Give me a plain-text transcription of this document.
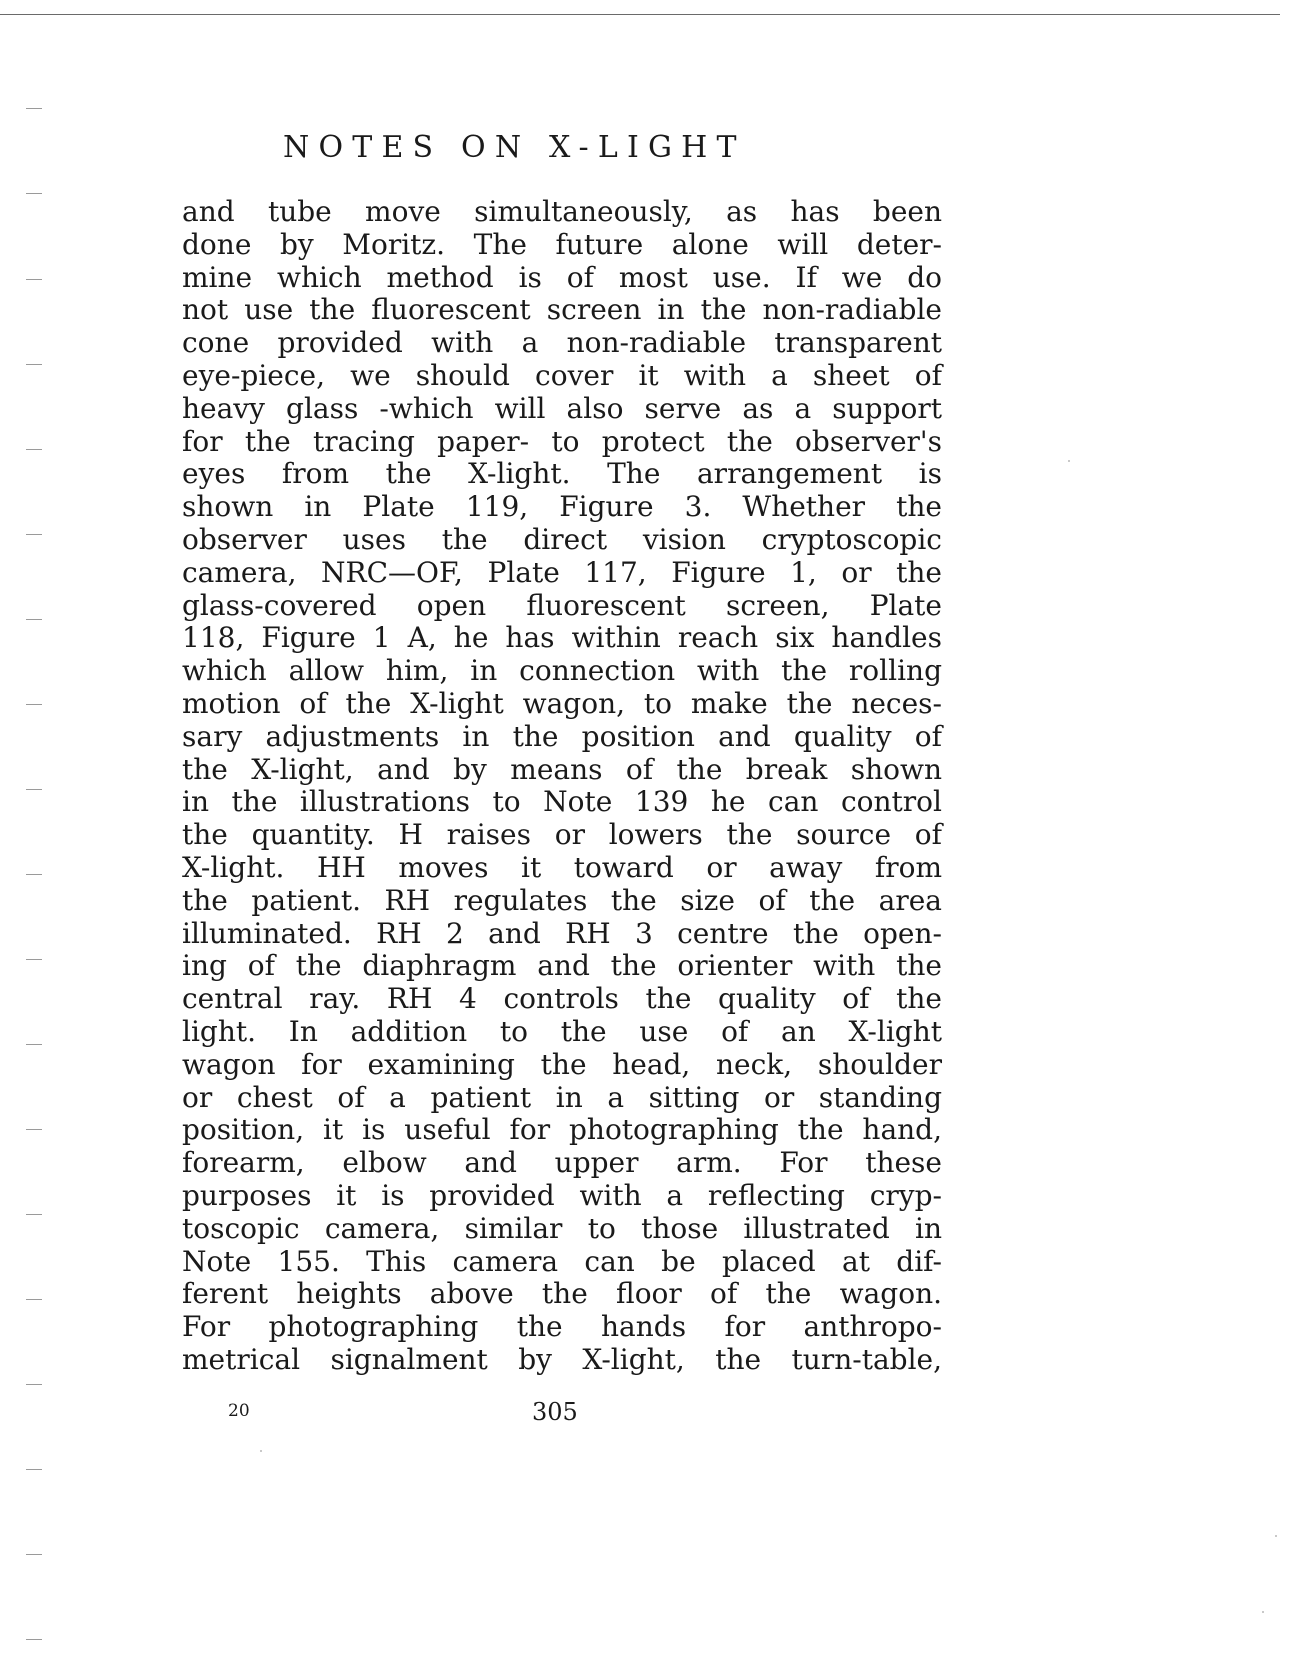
NOTES ON X-LIGHT
and tube move simultaneously, as has been
done by Moritz. The future alone will deter-
mine which method is of most use. If we do
not use the fluorescent screen in the non-radiable
cone provided with a non-radiable transparent
eye-piece, we should cover it with a sheet of
heavy glass -which will also serve as a support
for the tracing paper- to protect the observer's
eyes from the X-light. The arrangement is
shown in Plate 119, Figure 3. Whether the
observer uses the direct vision cryptoscopic
camera, NRC—OF, Plate 117, Figure 1, or the
glass-covered open fluorescent screen, Plate
118, Figure 1 A, he has within reach six handles
which allow him, in connection with the rolling
motion of the X-light wagon, to make the neces-
sary adjustments in the position and quality of
the X-light, and by means of the break shown
in the illustrations to Note 139 he can control
the quantity. H raises or lowers the source of
X-light. HH moves it toward or away from
the patient. RH regulates the size of the area
illuminated. RH 2 and RH 3 centre the open-
ing of the diaphragm and the orienter with the
central ray. RH 4 controls the quality of the
light. In addition to the use of an X-light
wagon for examining the head, neck, shoulder
or chest of a patient in a sitting or standing
position, it is useful for photographing the hand,
forearm, elbow and upper arm. For these
purposes it is provided with a reflecting cryp-
toscopic camera, similar to those illustrated in
Note 155. This camera can be placed at dif-
ferent heights above the floor of the wagon.
For photographing the hands for anthropo-
metrical signalment by X-light, the turn-table,
20	305
